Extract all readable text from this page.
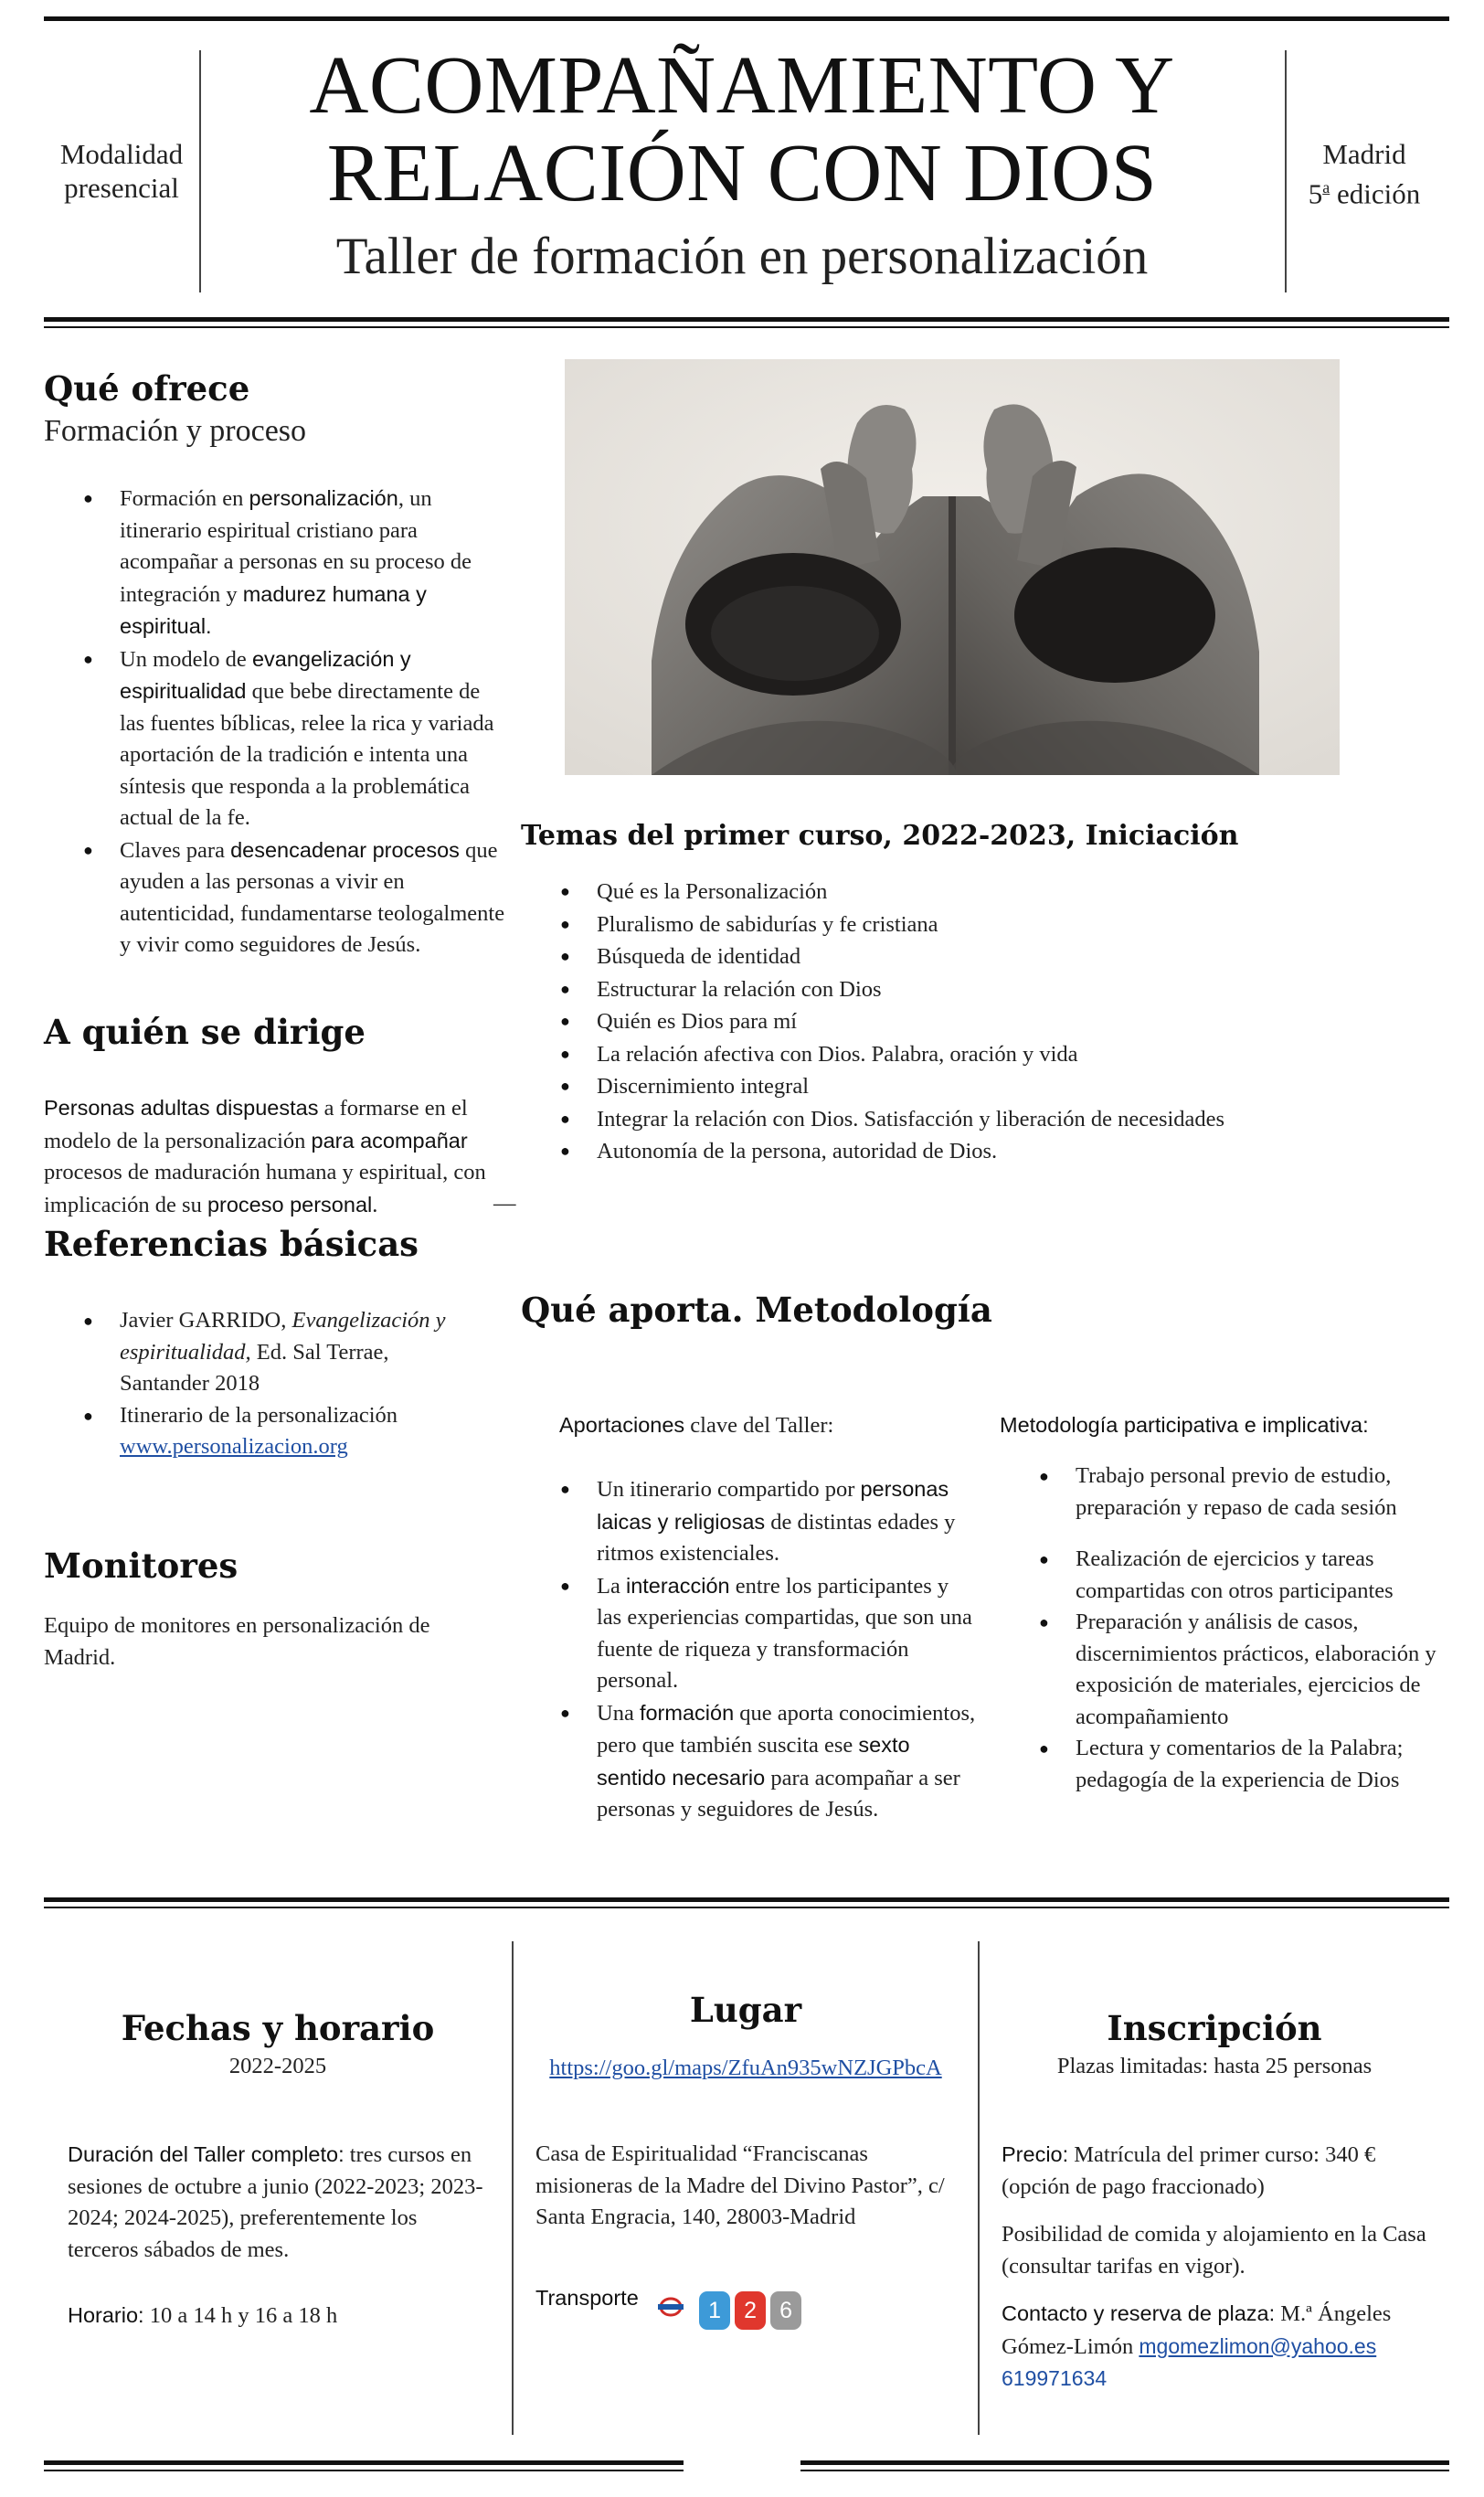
Modalidad
presencial
ACOMPAÑAMIENTO Y
RELACIÓN CON DIOS
Taller de formación en personalización
Madrid
5$^a$ edición
Qué ofrece
Formación y proceso
● Formación en personalización, un itinerario espiritual cristiano para acompañar a personas en su proceso de integración y madurez humana y espiritual.
● Un modelo de evangelización y espiritualidad que bebe directamente de las fuentes bíblicas, relee la rica y variada aportación de la tradición e intenta una síntesis que responda a la problemática actual de la fe.
● Claves para desencadenar procesos que ayuden a las personas a vivir en autenticidad, fundamentarse teologalmente y vivir como seguidores de Jesús.
A quién se dirige
Personas adultas dispuestas a formarse en el modelo de la personalización para acompañar procesos de maduración humana y espiritual, con implicación de su proceso personal.
Referencias básicas
● Javier GARRIDO, Evangelización y espiritualidad, Ed. Sal Terrae, Santander 2018
● Itinerario de la personalización
www.personalizacion.org
Monitores
Equipo de monitores en personalización de Madrid.
Temas del primer curso, 2022-2023, Iniciación
● Qué es la Personalización
● Pluralismo de sabidurías y fe cristiana
● Búsqueda de identidad
● Estructurar la relación con Dios
● Quién es Dios para mí
● La relación afectiva con Dios. Palabra, oración y vida
● Discernimiento integral
● Integrar la relación con Dios. Satisfacción y liberación de necesidades
● Autonomía de la persona, autoridad de Dios.
—
Qué aporta. Metodología
Aportaciones clave del Taller:
● Un itinerario compartido por personas laicas y religiosas de distintas edades y ritmos existenciales.
● La interacción entre los participantes y las experiencias compartidas, que son una fuente de riqueza y transformación personal.
● Una formación que aporta conocimientos, pero que también suscita ese sexto sentido necesario para acompañar a ser personas y seguidores de Jesús.
Metodología participativa e implicativa:
● Trabajo personal previo de estudio, preparación y repaso de cada sesión
● Realización de ejercicios y tareas compartidas con otros participantes
● Preparación y análisis de casos, discernimientos prácticos, elaboración y exposición de materiales, ejercicios de acompañamiento
● Lectura y comentarios de la Palabra; pedagogía de la experiencia de Dios
Fechas y horario
2022-2025
Duración del Taller completo: tres cursos en sesiones de octubre a junio (2022-2023; 2023-2024; 2024-2025), preferentemente los terceros sábados de mes.
Horario: 10 a 14 h y 16 a 18 h
Lugar
https://goo.gl/maps/ZfuAn935wNZJGPbcA
Casa de Espiritualidad “Franciscanas misioneras de la Madre del Divino Pastor”, c/ Santa Engracia, 140, 28003-Madrid
Transporte  1 2 6
Inscripción
Plazas limitadas: hasta 25 personas
Precio: Matrícula del primer curso: 340 € (opción de pago fraccionado)
Posibilidad de comida y alojamiento en la Casa (consultar tarifas en vigor).
Contacto y reserva de plaza: M.ª Ángeles Gómez-Limón mgomezlimon@yahoo.es
619971634
